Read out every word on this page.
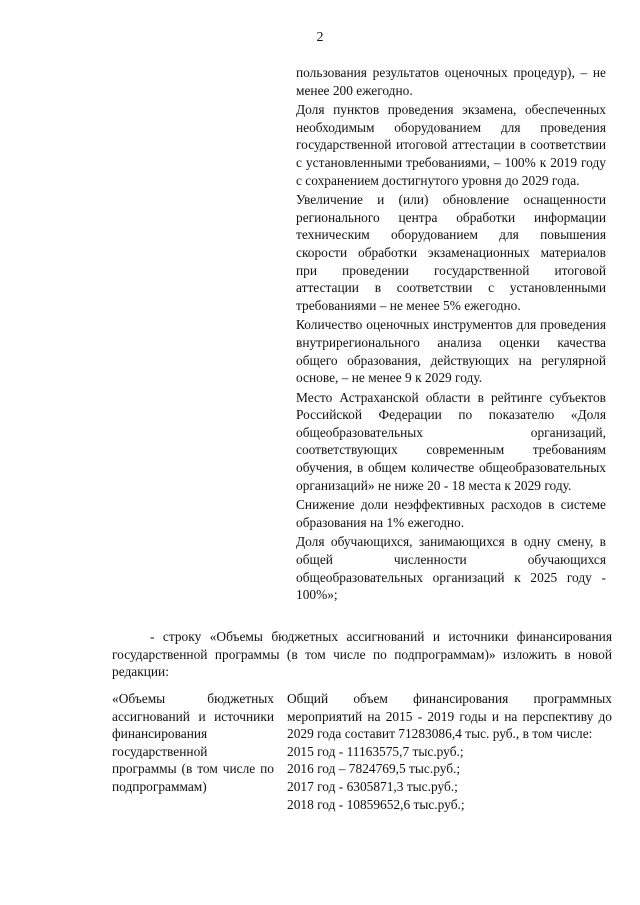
2

пользования результатов оценочных процедур), – не менее 200 ежегодно.

Доля пунктов проведения экзамена, обеспеченных необходимым оборудованием для проведения государственной итоговой аттестации в соответствии с установленными требованиями, – 100% к 2019 году с сохранением достигнутого уровня до 2029 года.

Увеличение и (или) обновление оснащенности регионального центра обработки информации техническим оборудованием для повышения скорости обработки экзаменационных материалов при проведении государственной итоговой аттестации в соответствии с установленными требованиями – не менее 5% ежегодно.

Количество оценочных инструментов для проведения внутрирегионального анализа оценки качества общего образования, действующих на регулярной основе, – не менее 9 к 2029 году.

Место Астраханской области в рейтинге субъектов Российской Федерации по показателю «Доля общеобразовательных организаций, соответствующих современным требованиям обучения, в общем количестве общеобразовательных организаций» не ниже 20 - 18 места к 2029 году.

Снижение доли неэффективных расходов в системе образования на 1% ежегодно.

Доля обучающихся, занимающихся в одну смену, в общей численности обучающихся общеобразовательных организаций к 2025 году - 100%»;

- строку «Объемы бюджетных ассигнований и источники финансирования государственной программы (в том числе по подпрограммам)» изложить в новой редакции:
«Объемы бюджетных ассигнований и источники финансирования государственной программы (в том числе по подпрограммам)
Общий объем финансирования программных мероприятий на 2015 - 2019 годы и на перспективу до 2029 года составит 71283086,4 тыс. руб., в том числе:
2015 год - 11163575,7 тыс.руб.;
2016 год – 7824769,5 тыс.руб.;
2017 год - 6305871,3 тыс.руб.;
2018 год - 10859652,6 тыс.руб.;
